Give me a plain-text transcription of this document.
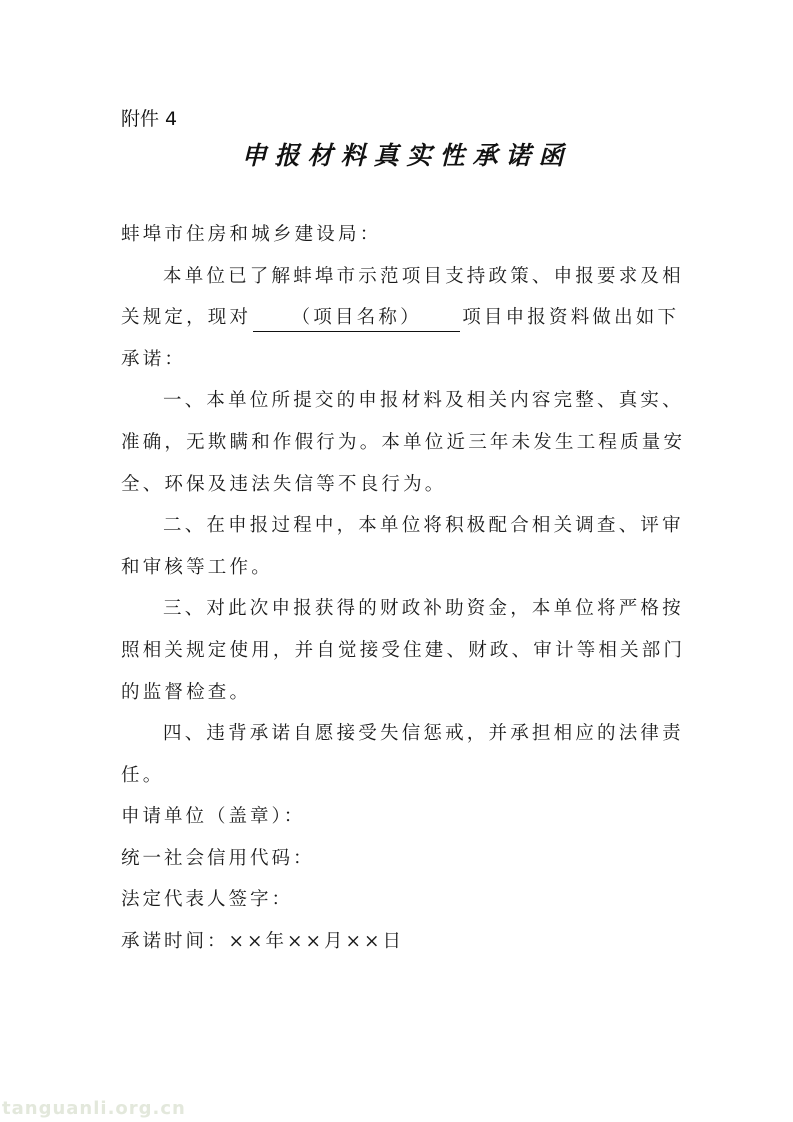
附件 4
申报材料真实性承诺函
蚌埠市住房和城乡建设局：
本单位已了解蚌埠市示范项目支持政策、申报要求及相
关规定，现对 （项目名称） 项目申报资料做出如下
承诺：
一、本单位所提交的申报材料及相关内容完整、真实、
准确，无欺瞒和作假行为。本单位近三年未发生工程质量安
全、环保及违法失信等不良行为。
二、在申报过程中，本单位将积极配合相关调查、评审
和审核等工作。
三、对此次申报获得的财政补助资金，本单位将严格按
照相关规定使用，并自觉接受住建、财政、审计等相关部门
的监督检查。
四、违背承诺自愿接受失信惩戒，并承担相应的法律责
任。
申请单位（盖章）：
统一社会信用代码：
法定代表人签字：
承诺时间：××年××月××日
tanguanli.org.cn
